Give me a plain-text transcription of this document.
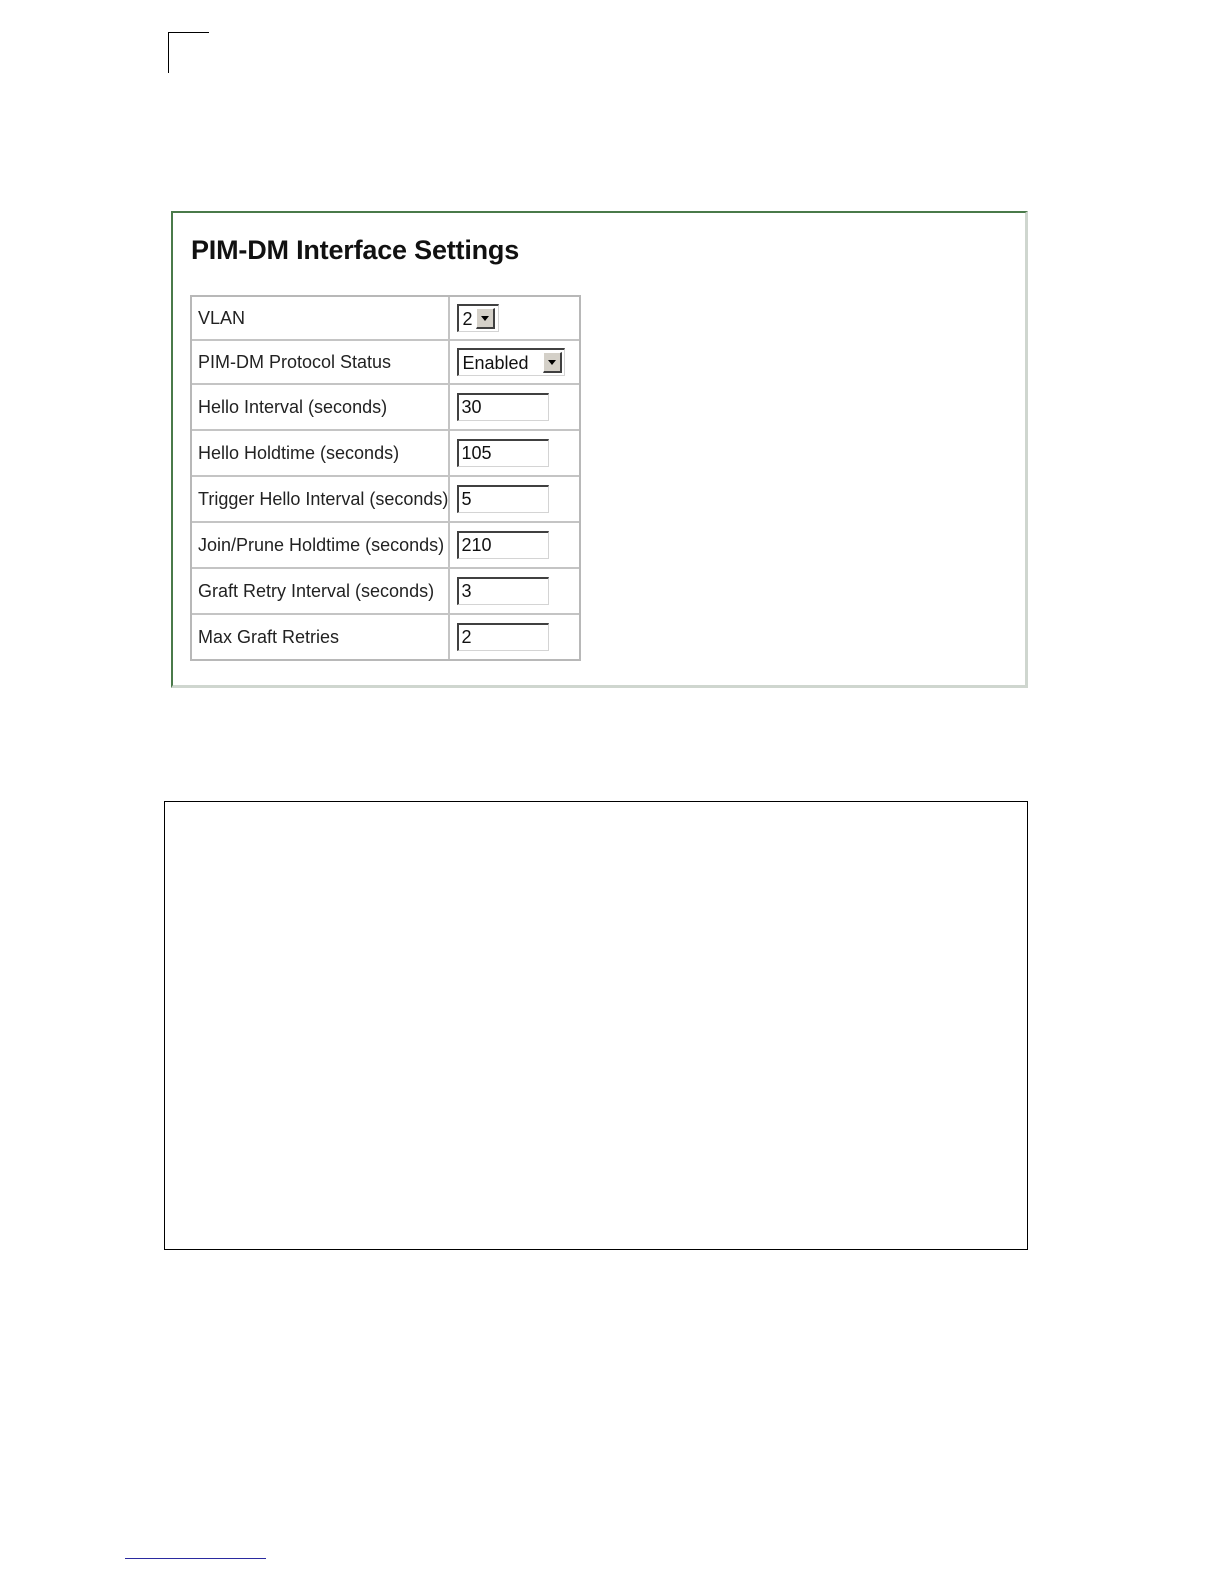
PIM-DM Interface Settings
VLAN	2

PIM-DM Protocol Status	Enabled

Hello Interval (seconds)	30
Hello Holdtime (seconds)	105
Trigger Hello Interval (seconds)	5
Join/Prune Holdtime (seconds)	210
Graft Retry Interval (seconds)	3
Max Graft Retries	2
